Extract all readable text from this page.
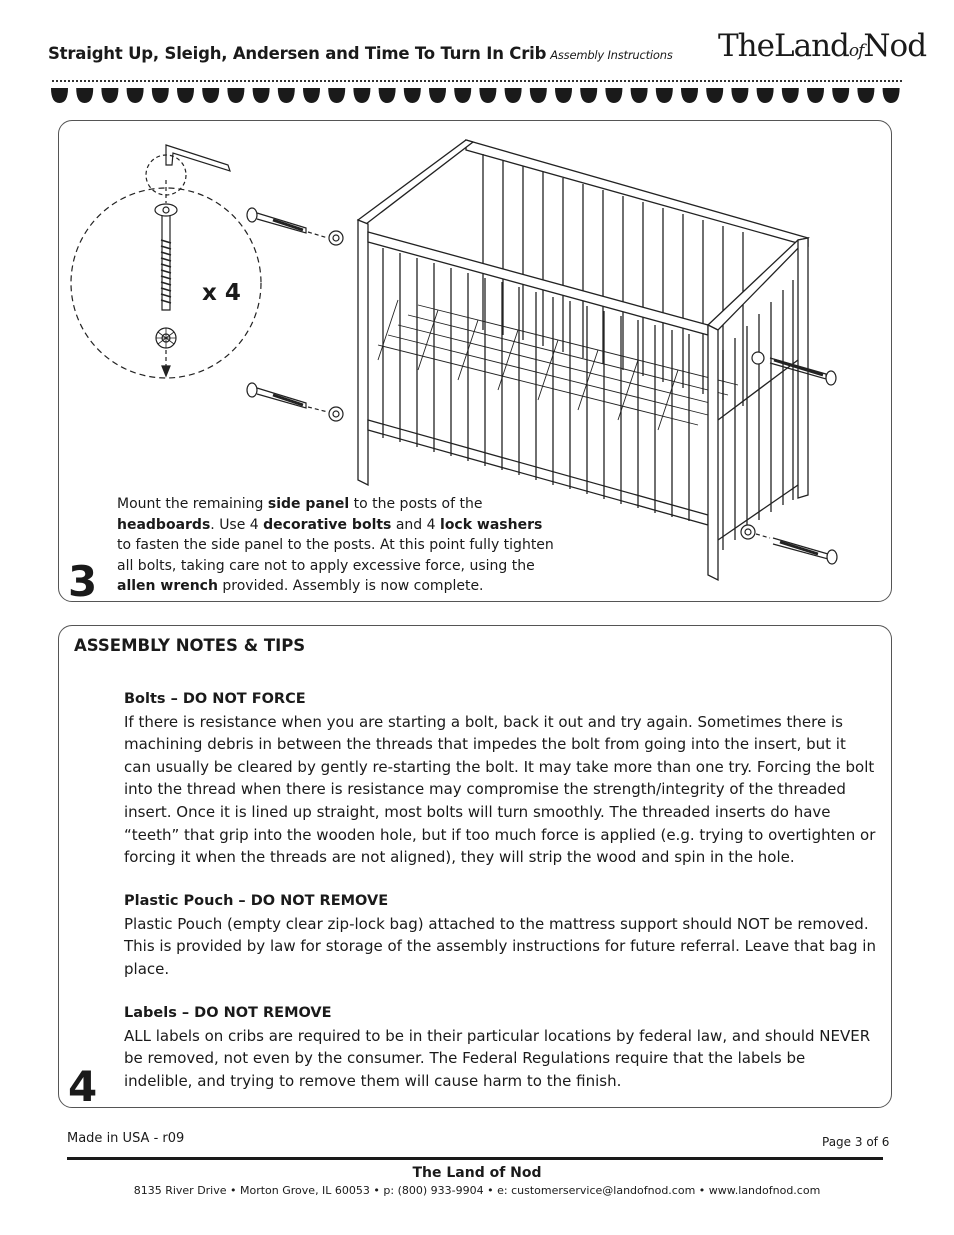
Straight Up, Sleigh, Andersen and Time To Turn In Crib Assembly Instructions TheLandofNod
x 4
Mount the remaining side panel to the posts of the headboards. Use 4 decorative bolts and 4 lock washers to fasten the side panel to the posts. At this point fully tighten all bolts, taking care not to apply excessive force, using the allen wrench provided. Assembly is now complete.
3
ASSEMBLY NOTES & TIPS
Bolts – DO NOT FORCE
If there is resistance when you are starting a bolt, back it out and try again. Sometimes there is machining debris in between the threads that impedes the bolt from going into the insert, but it can usually be cleared by gently re-starting the bolt. It may take more than one try. Forcing the bolt into the thread when there is resistance may compromise the strength/integrity of the threaded insert. Once it is lined up straight, most bolts will turn smoothly. The threaded inserts do have “teeth” that grip into the wooden hole, but if too much force is applied (e.g. trying to overtighten or forcing it when the threads are not aligned), they will strip the wood and spin in the hole.
Plastic Pouch – DO NOT REMOVE
Plastic Pouch (empty clear zip-lock bag) attached to the mattress support should NOT be removed. This is provided by law for storage of the assembly instructions for future referral. Leave that bag in place.
Labels – DO NOT REMOVE
ALL labels on cribs are required to be in their particular locations by federal law, and should NEVER be removed, not even by the consumer. The Federal Regulations require that the labels be indelible, and trying to remove them will cause harm to the finish.
4
Made in USA - r09	Page 3 of 6
The Land of Nod
8135 River Drive • Morton Grove, IL 60053 • p: (800) 933-9904 • e: customerservice@landofnod.com • www.landofnod.com
